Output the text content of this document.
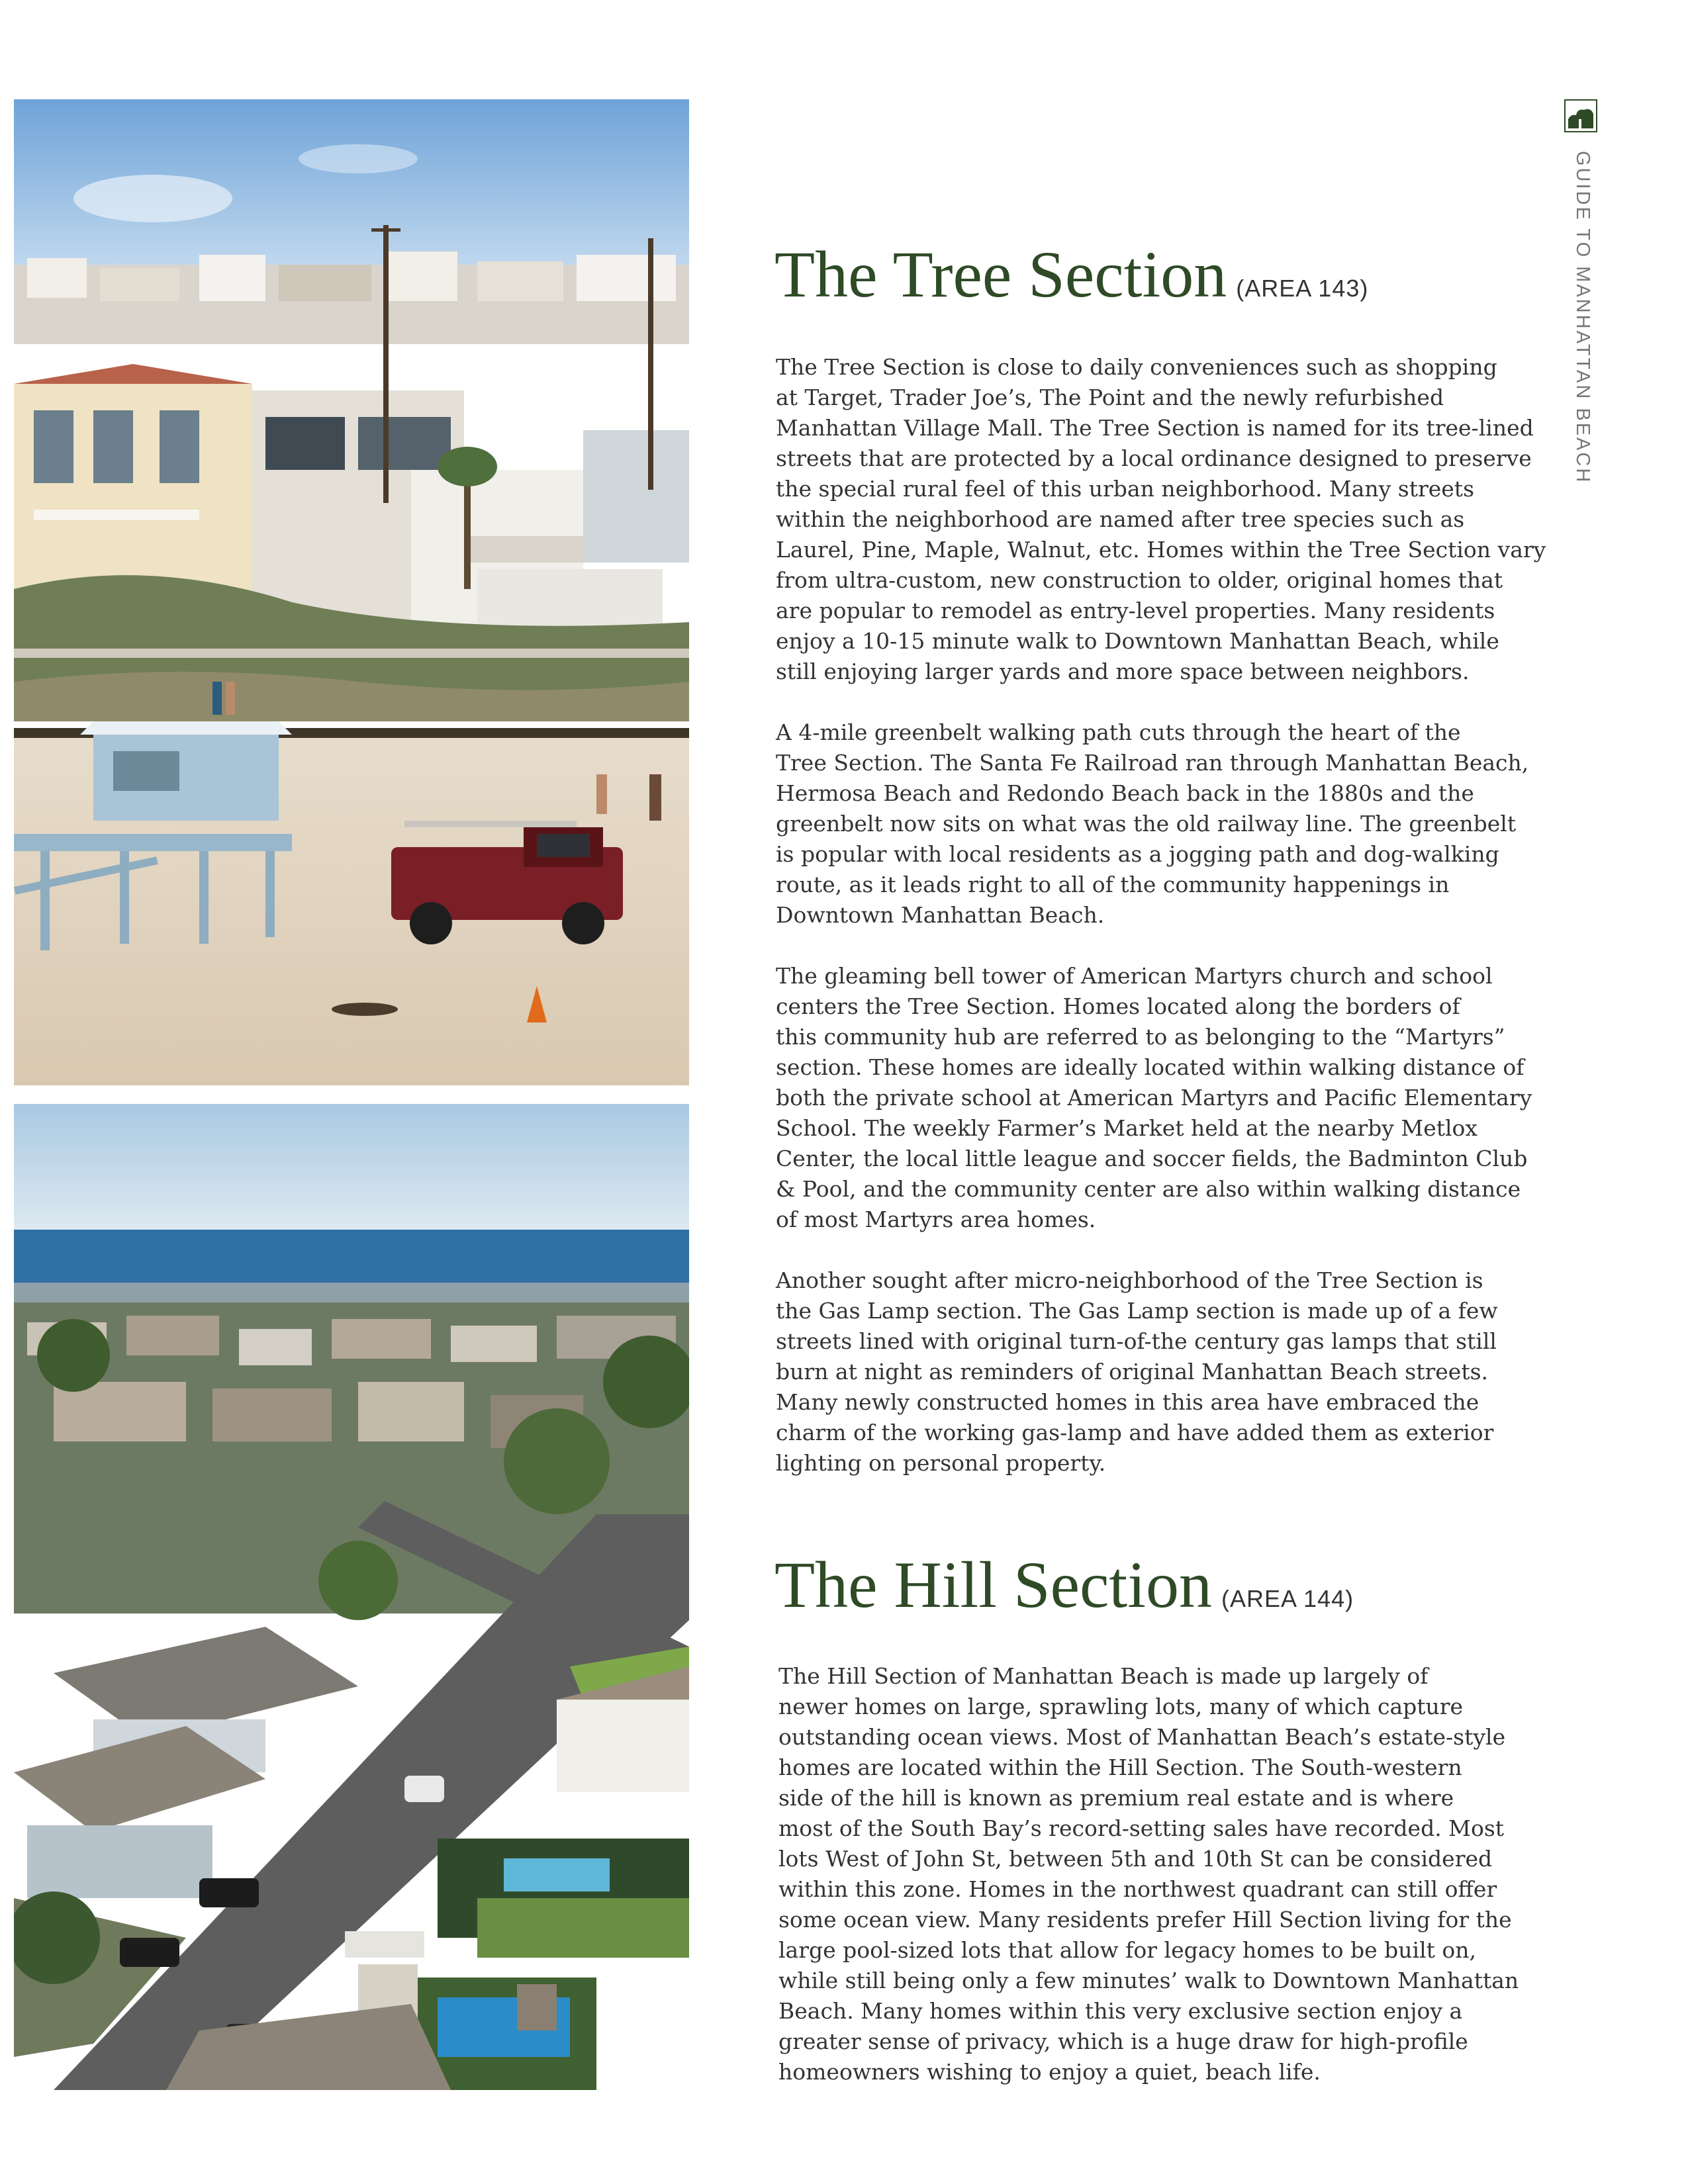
GUIDE TO MANHATTAN BEACH
The Tree Section (AREA 143)

The Tree Section is close to daily conveniences such as shopping
at Target, Trader Joe’s, The Point and the newly refurbished
Manhattan Village Mall. The Tree Section is named for its tree-lined
streets that are protected by a local ordinance designed to preserve
the special rural feel of this urban neighborhood. Many streets
within the neighborhood are named after tree species such as
Laurel, Pine, Maple, Walnut, etc. Homes within the Tree Section vary
from ultra-custom, new construction to older, original homes that
are popular to remodel as entry-level properties. Many residents
enjoy a 10-15 minute walk to Downtown Manhattan Beach, while
still enjoying larger yards and more space between neighbors.

A 4-mile greenbelt walking path cuts through the heart of the
Tree Section. The Santa Fe Railroad ran through Manhattan Beach,
Hermosa Beach and Redondo Beach back in the 1880s and the
greenbelt now sits on what was the old railway line. The greenbelt
is popular with local residents as a jogging path and dog-walking
route, as it leads right to all of the community happenings in
Downtown Manhattan Beach.

The gleaming bell tower of American Martyrs church and school
centers the Tree Section. Homes located along the borders of
this community hub are referred to as belonging to the “Martyrs”
section. These homes are ideally located within walking distance of
both the private school at American Martyrs and Pacific Elementary
School. The weekly Farmer’s Market held at the nearby Metlox
Center, the local little league and soccer fields, the Badminton Club
& Pool, and the community center are also within walking distance
of most Martyrs area homes.

Another sought after micro-neighborhood of the Tree Section is
the Gas Lamp section. The Gas Lamp section is made up of a few
streets lined with original turn-of-the century gas lamps that still
burn at night as reminders of original Manhattan Beach streets.
Many newly constructed homes in this area have embraced the
charm of the working gas-lamp and have added them as exterior
lighting on personal property.

The Hill Section (AREA 144)

The Hill Section of Manhattan Beach is made up largely of
newer homes on large, sprawling lots, many of which capture
outstanding ocean views. Most of Manhattan Beach’s estate-style
homes are located within the Hill Section. The South-western
side of the hill is known as premium real estate and is where
most of the South Bay’s record-setting sales have recorded. Most
lots West of John St, between 5th and 10th St can be considered
within this zone. Homes in the northwest quadrant can still offer
some ocean view. Many residents prefer Hill Section living for the
large pool-sized lots that allow for legacy homes to be built on,
while still being only a few minutes’ walk to Downtown Manhattan
Beach. Many homes within this very exclusive section enjoy a
greater sense of privacy, which is a huge draw for high-profile
homeowners wishing to enjoy a quiet, beach life.
